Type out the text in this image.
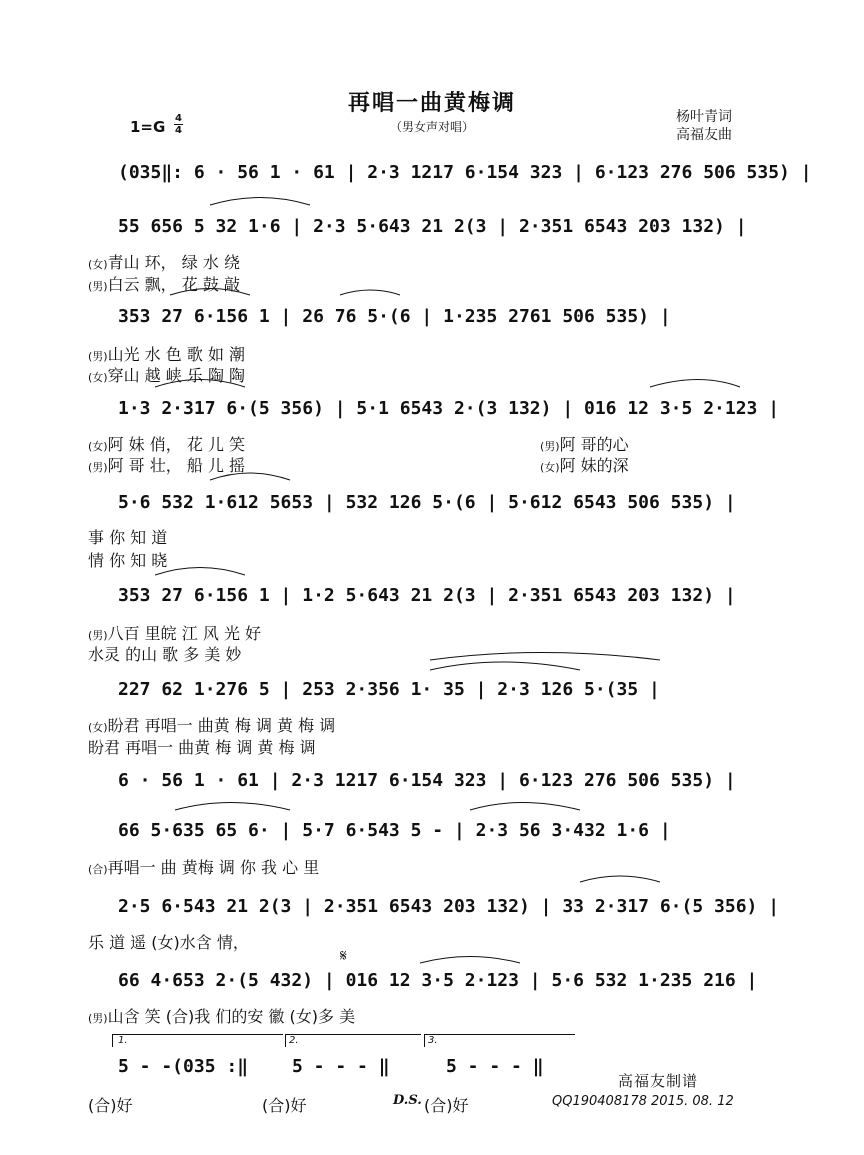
再唱一曲黄梅调
（男女声对唱）
1=G 4
4
杨叶青词
高福友曲
(035‖: 6 · 56 1 · 61 | 2·3 1217 6·154 323 | 6·123 276 506 535) |
55 656 5 32 1·6 | 2·3 5·643 21 2(3 | 2·351 6543 203 132) |
(女)青山 环， 绿 水 绕
(男)白云 飘， 花 鼓 敲
353 27 6·156 1 | 26 76 5·(6 | 1·235 2761 506 535) |
(男)山光 水 色 歌 如 潮
(女)穿山 越 峡 乐 陶 陶
1·3 2·317 6·(5 356) | 5·1 6543 2·(3 132) | 016 12 3·5 2·123 |
(女)阿 妹 俏， 花 儿 笑
(男)阿 哥 壮， 船 儿 摇
(男)阿 哥的心
(女)阿 妹的深
5·6 532 1·612 5653 | 532 126 5·(6 | 5·612 6543 506 535) |
事 你 知 道
情 你 知 晓
353 27 6·156 1 | 1·2 5·643 21 2(3 | 2·351 6543 203 132) |
(男)八百 里皖 江 风 光 好
水灵 的山 歌 多 美 妙
227 62 1·276 5 | 253 2·356 1· 35 | 2·3 126 5·(35 |
(女)盼君 再唱一 曲黄 梅 调 黄 梅 调
盼君 再唱一 曲黄 梅 调 黄 梅 调
6 · 56 1 · 61 | 2·3 1217 6·154 323 | 6·123 276 506 535) |
66 5·635 65 6· | 5·7 6·543 5 - | 2·3 56 3·432 1·6 |
(合)再唱一 曲 黄梅 调 你 我 心 里
2·5 6·543 21 2(3 | 2·351 6543 203 132) | 33 2·317 6·(5 356) |
乐 道 遥 (女)水含 情，
66 4·653 2·(5 432) | 016 12 3·5 2·123 | 5·6 532 1·235 216 |
(男)山含 笑 (合)我 们的安 徽 (女)多 美
1.	2.	3.
5 - -(035 :‖ 5 - - - ‖	5 - - - ‖
𝄋
(合)好	(合)好	D.S. (合)好
高福友制谱
QQ190408178 2015. 08. 12
